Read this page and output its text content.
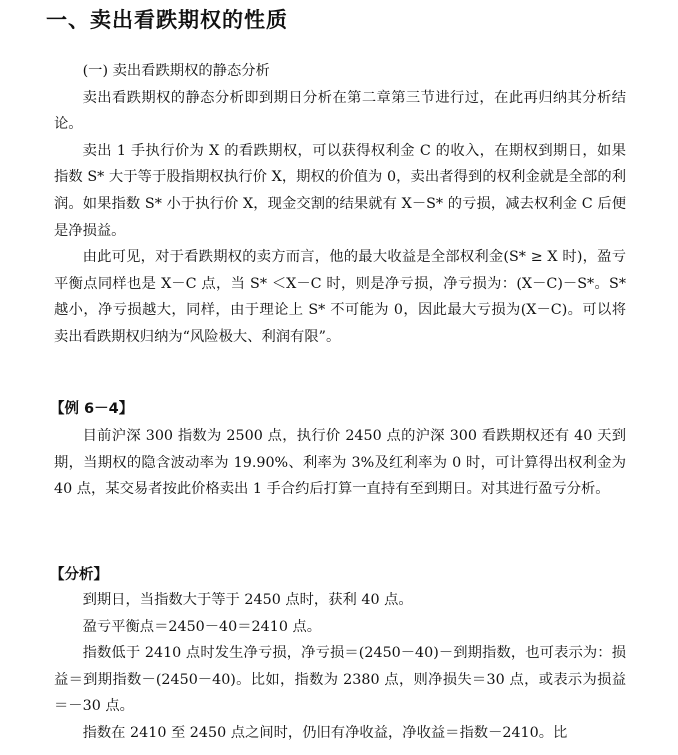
一、卖出看跌期权的性质

(一) 卖出看跌期权的静态分析

卖出看跌期权的静态分析即到期日分析在第二章第三节进行过，在此再归纳其分析结论。

卖出 1 手执行价为 X 的看跌期权，可以获得权利金 C 的收入，在期权到期日，如果指数 S* 大于等于股指期权执行价 X，期权的价值为 0，卖出者得到的权利金就是全部的利润。如果指数 S* 小于执行价 X，现金交割的结果就有 X－S* 的亏损，减去权利金 C 后便是净损益。

由此可见，对于看跌期权的卖方而言，他的最大收益是全部权利金(S* ≥ X 时)，盈亏平衡点同样也是 X－C 点，当 S* ＜X－C 时，则是净亏损，净亏损为：(X－C)－S*。S* 越小，净亏损越大，同样，由于理论上 S* 不可能为 0，因此最大亏损为(X－C)。可以将卖出看跌期权归纳为“风险极大、利润有限”。

【例 6－4】

目前沪深 300 指数为 2500 点，执行价 2450 点的沪深 300 看跌期权还有 40 天到期，当期权的隐含波动率为 19.90%、利率为 3%及红利率为 0 时，可计算得出权利金为 40 点，某交易者按此价格卖出 1 手合约后打算一直持有至到期日。对其进行盈亏分析。

【分析】

到期日，当指数大于等于 2450 点时，获利 40 点。

盈亏平衡点＝2450－40＝2410 点。

指数低于 2410 点时发生净亏损，净亏损＝(2450－40)－到期指数，也可表示为：损益＝到期指数－(2450－40)。比如，指数为 2380 点，则净损失＝30 点，或表示为损益＝－30 点。

指数在 2410 至 2450 点之间时，仍旧有净收益，净收益＝指数－2410。比
